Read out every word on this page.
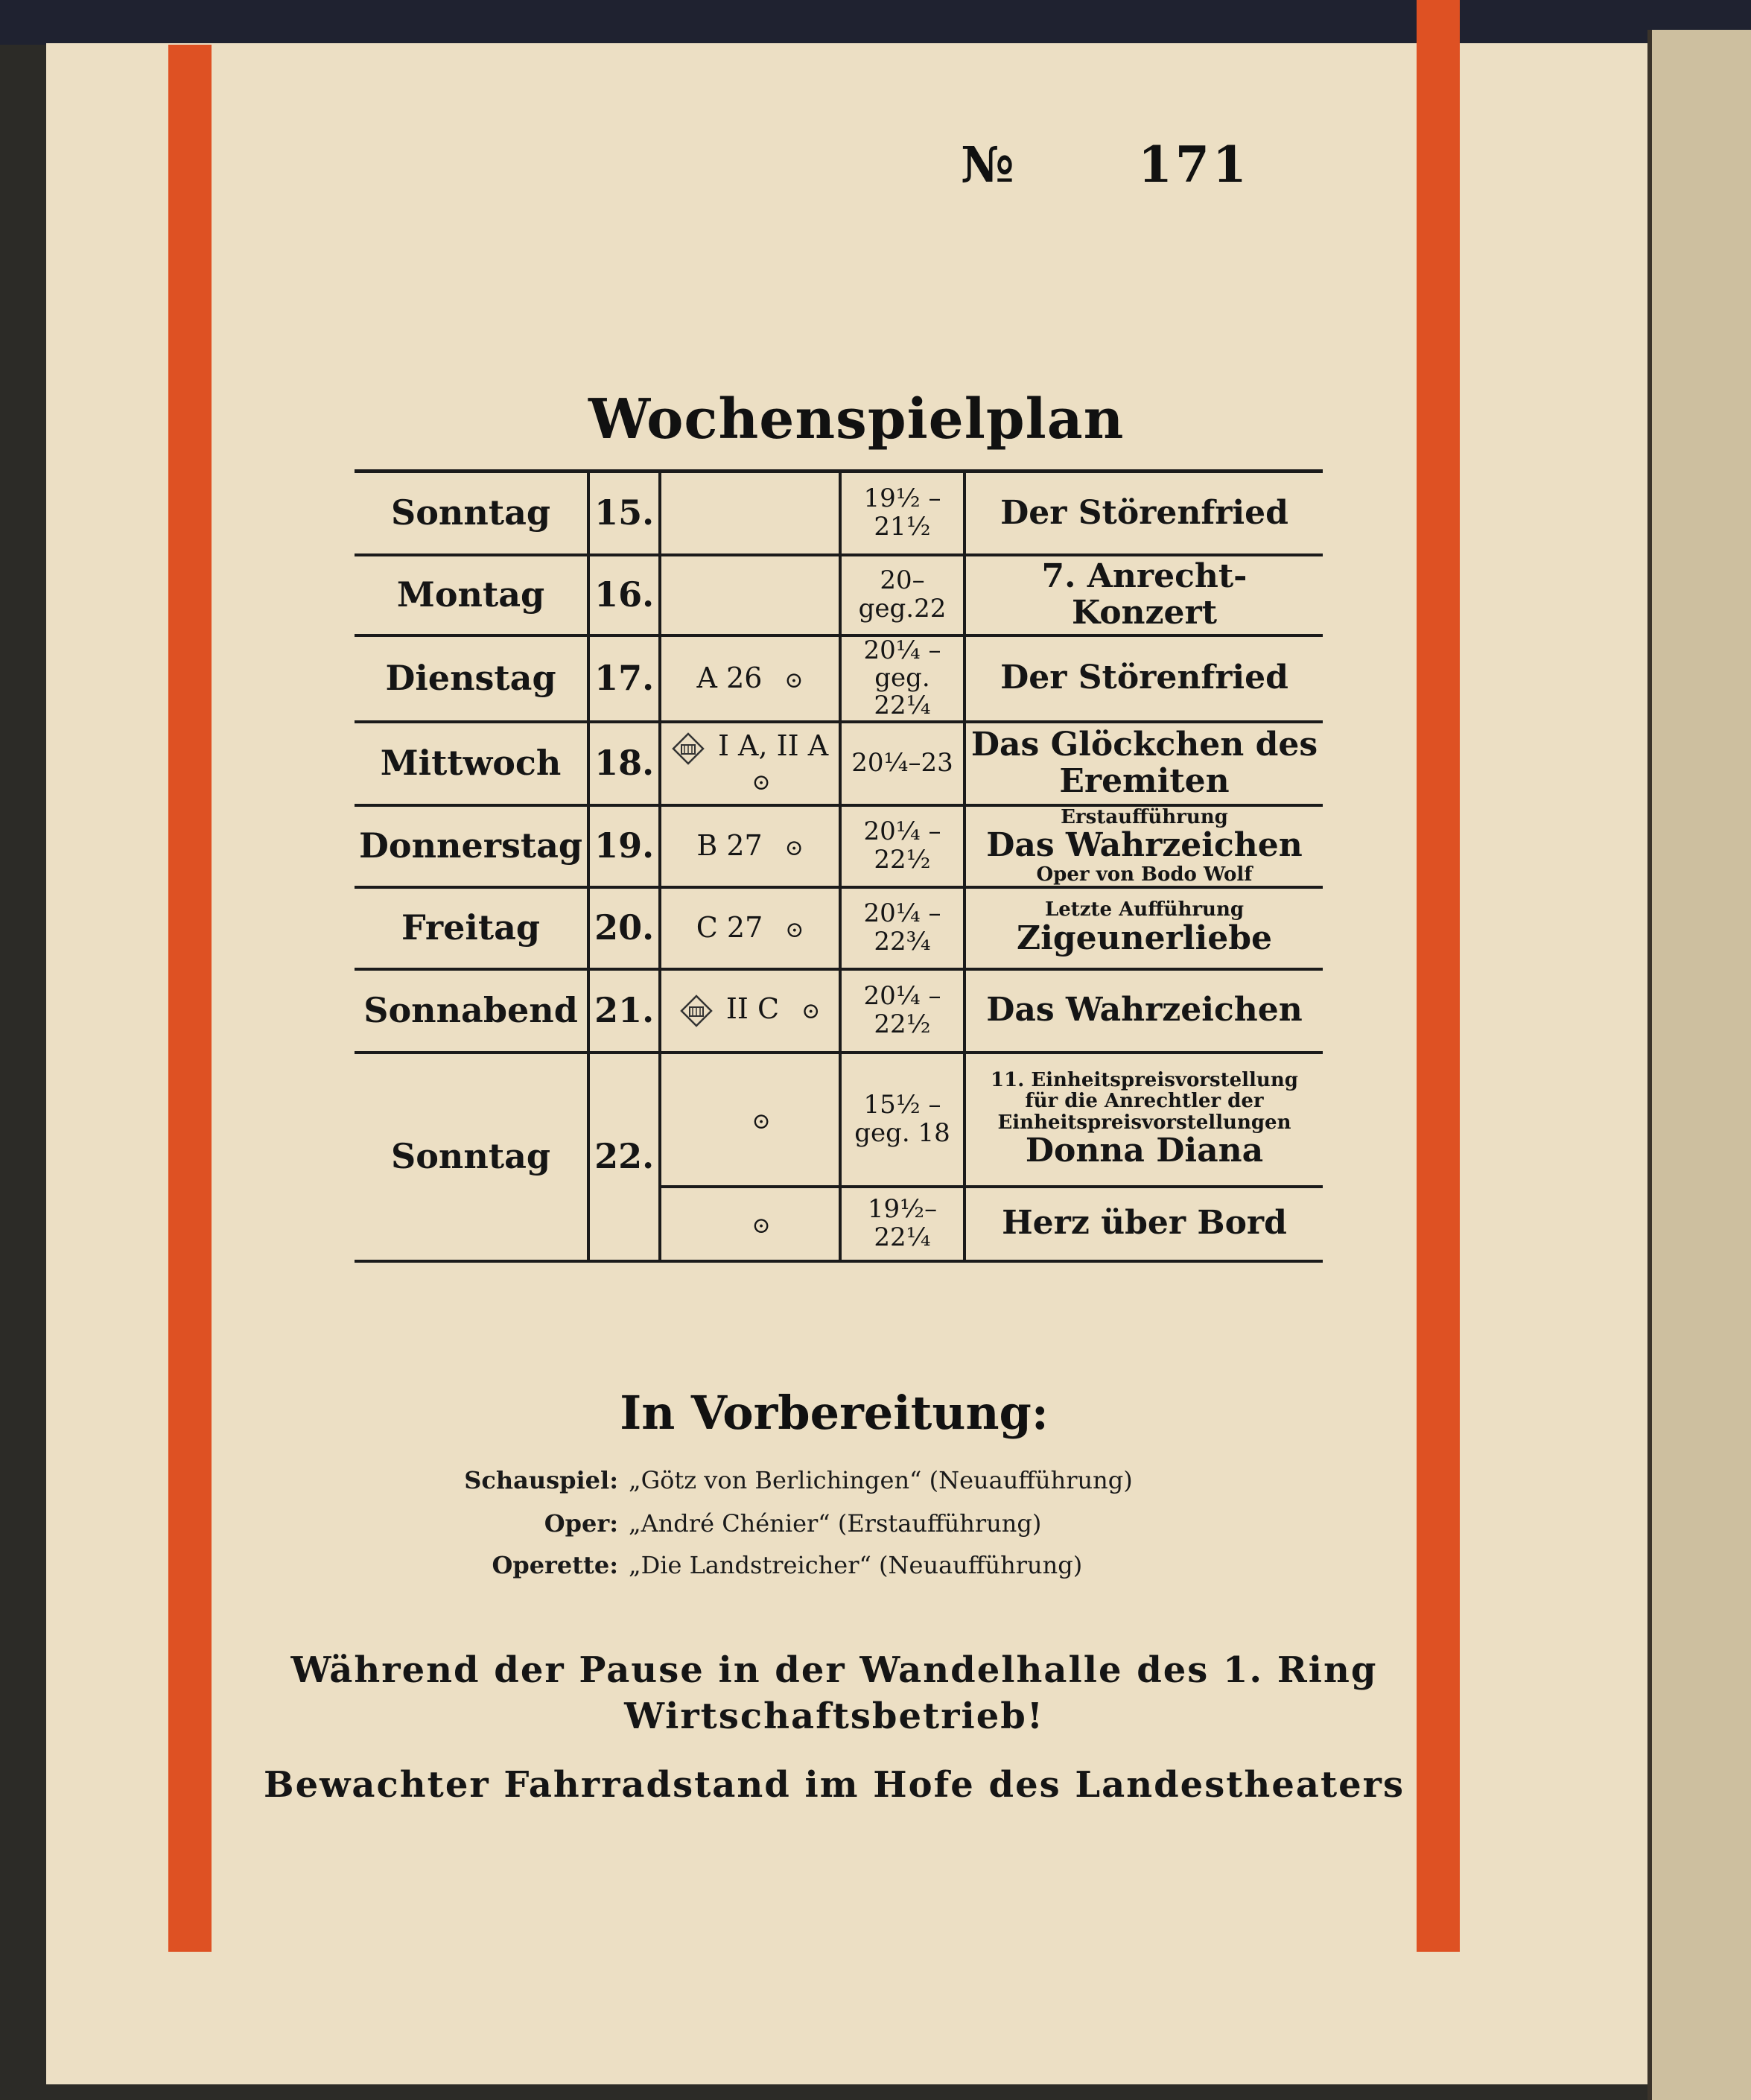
№	171
Wochenspielplan
Sonntag	15.		19½ – 21½	Der Störenfried
Montag	16.		20–geg.22	7. Anrecht-Konzert
Dienstag	17.	A 26 ⊙	20¼ – geg. 22¼	Der Störenfried
Mittwoch	18.	I A, II A⊙	20¼–23	Das Glöckchen des Eremiten
Donnerstag	19.	B 27 ⊙	20¼ – 22½	Erstaufführung
Das Wahrzeichen
Oper von Bodo Wolf

Freitag	20.	C 27 ⊙	20¼ – 22¾	Letzte Aufführung
Zigeunerliebe
Sonnabend	21.	II C ⊙	20¼ – 22½	Das Wahrzeichen
Sonntag	22.	⊙	15½ – geg. 18	11. Einheitspreisvorstellung
für die Anrechtler der
Einheitspreisvorstellungen
Donna Diana
		⊙	19½– 22¼	Herz über Bord
In Vorbereitung:
Schauspiel: „Götz von Berlichingen“ (Neuaufführung)
Oper: „André Chénier“ (Erstaufführung)
Operette: „Die Landstreicher“ (Neuaufführung)
Während der Pause in der Wandelhalle des 1. Ring
Wirtschaftsbetrieb!
Bewachter Fahrradstand im Hofe des Landestheaters
